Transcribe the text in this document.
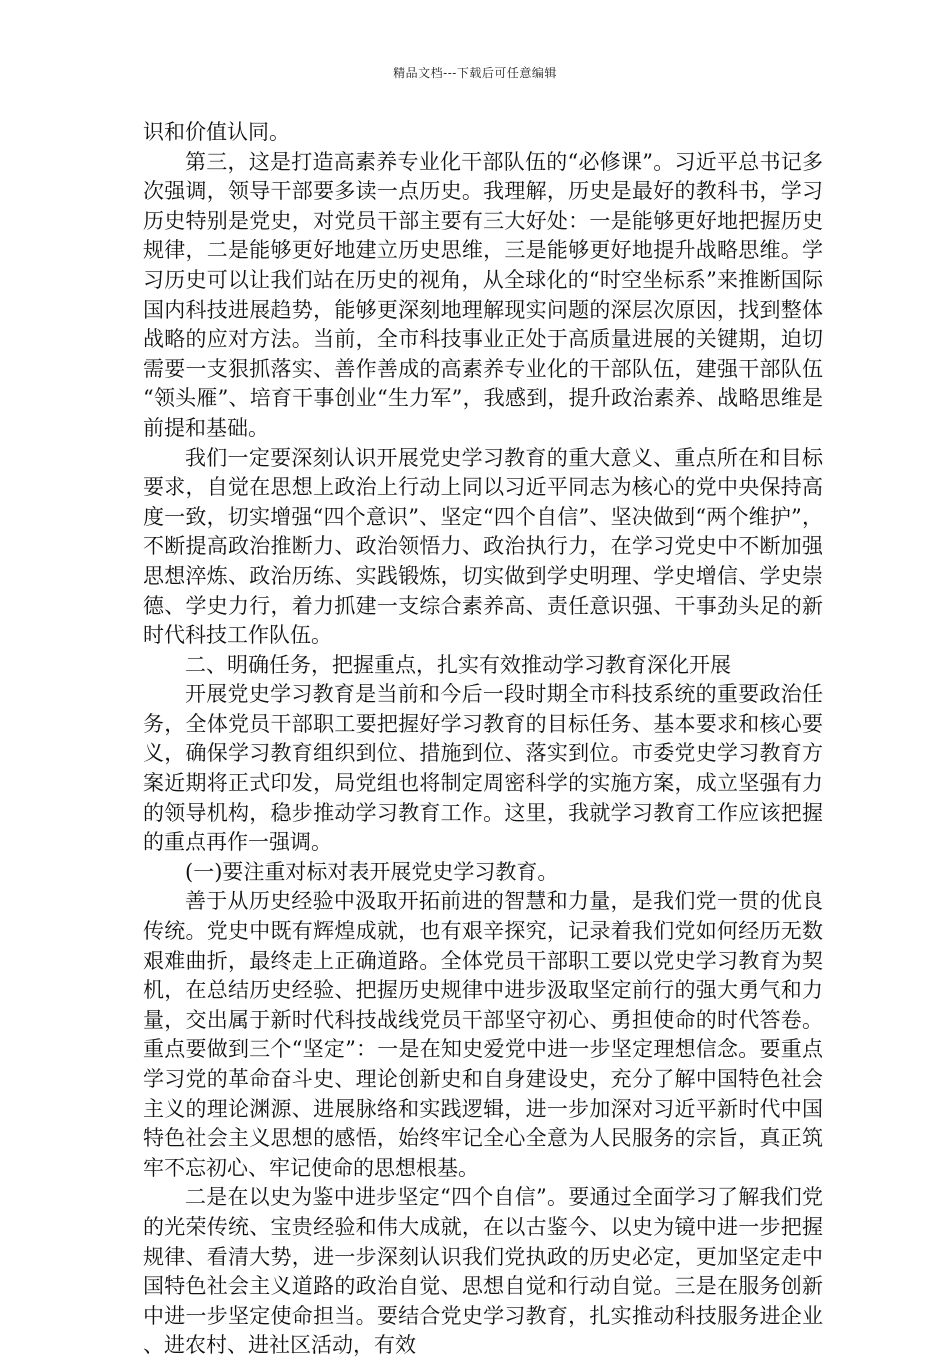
精品文档---下载后可任意编辑

识和价值认同。

第三，这是打造高素养专业化干部队伍的“必修课”。习近平总书记多次强调，领导干部要多读一点历史。我理解，历史是最好的教科书，学习历史特别是党史，对党员干部主要有三大好处：一是能够更好地把握历史规律，二是能够更好地建立历史思维，三是能够更好地提升战略思维。学习历史可以让我们站在历史的视角，从全球化的“时空坐标系”来推断国际国内科技进展趋势，能够更深刻地理解现实问题的深层次原因，找到整体战略的应对方法。当前，全市科技事业正处于高质量进展的关键期，迫切需要一支狠抓落实、善作善成的高素养专业化的干部队伍，建强干部队伍“领头雁”、培育干事创业“生力军”，我感到，提升政治素养、战略思维是前提和基础。

我们一定要深刻认识开展党史学习教育的重大意义、重点所在和目标要求，自觉在思想上政治上行动上同以习近平同志为核心的党中央保持高度一致，切实增强“四个意识”、坚定“四个自信”、坚决做到“两个维护”，不断提高政治推断力、政治领悟力、政治执行力，在学习党史中不断加强思想淬炼、政治历练、实践锻炼，切实做到学史明理、学史增信、学史崇德、学史力行，着力抓建一支综合素养高、责任意识强、干事劲头足的新时代科技工作队伍。

二、明确任务，把握重点，扎实有效推动学习教育深化开展

开展党史学习教育是当前和今后一段时期全市科技系统的重要政治任务，全体党员干部职工要把握好学习教育的目标任务、基本要求和核心要义，确保学习教育组织到位、措施到位、落实到位。市委党史学习教育方案近期将正式印发，局党组也将制定周密科学的实施方案，成立坚强有力的领导机构，稳步推动学习教育工作。这里，我就学习教育工作应该把握的重点再作一强调。

(一)要注重对标对表开展党史学习教育。

善于从历史经验中汲取开拓前进的智慧和力量，是我们党一贯的优良传统。党史中既有辉煌成就，也有艰辛探究，记录着我们党如何经历无数艰难曲折，最终走上正确道路。全体党员干部职工要以党史学习教育为契机，在总结历史经验、把握历史规律中进步汲取坚定前行的强大勇气和力量，交出属于新时代科技战线党员干部坚守初心、勇担使命的时代答卷。重点要做到三个“坚定”：一是在知史爱党中进一步坚定理想信念。要重点学习党的革命奋斗史、理论创新史和自身建设史，充分了解中国特色社会主义的理论渊源、进展脉络和实践逻辑，进一步加深对习近平新时代中国特色社会主义思想的感悟，始终牢记全心全意为人民服务的宗旨，真正筑牢不忘初心、牢记使命的思想根基。

二是在以史为鉴中进步坚定“四个自信”。要通过全面学习了解我们党的光荣传统、宝贵经验和伟大成就，在以古鉴今、以史为镜中进一步把握规律、看清大势，进一步深刻认识我们党执政的历史必定，更加坚定走中国特色社会主义道路的政治自觉、思想自觉和行动自觉。三是在服务创新中进一步坚定使命担当。要结合党史学习教育，扎实推动科技服务进企业、进农村、进社区活动，有效
